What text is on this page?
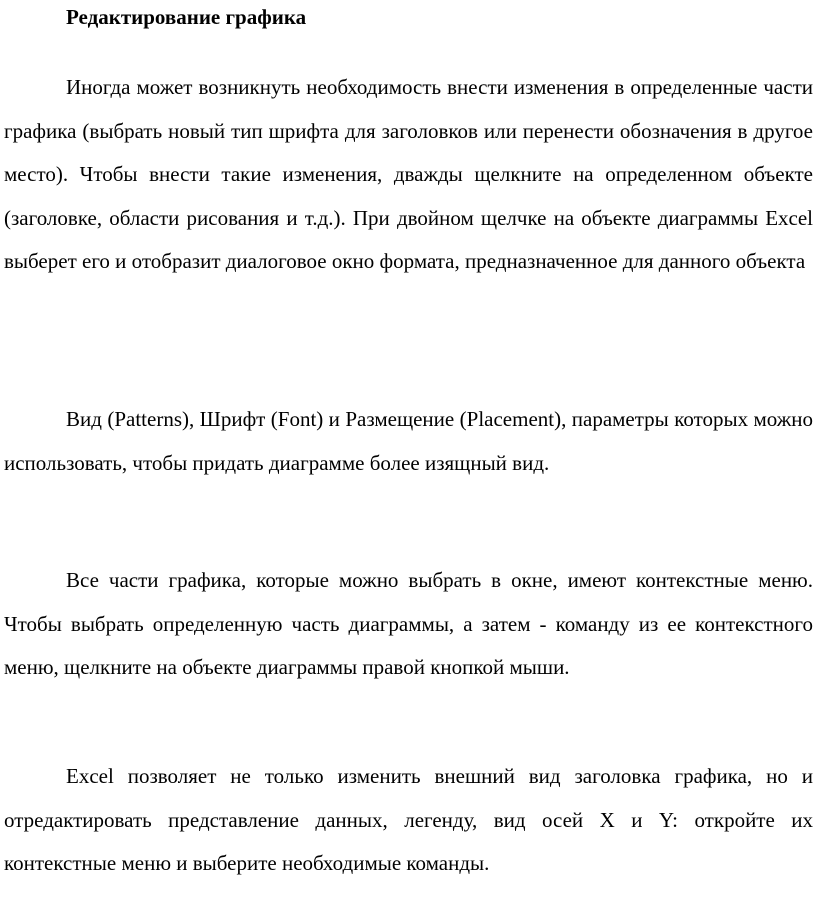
Редактирование графика

Иногда может возникнуть необходимость внести изменения в определенные части графика (выбрать новый тип шрифта для заголовков или перенести обозначения в другое место). Чтобы внести такие изменения, дважды щелкните на определенном объекте (заголовке, области рисования и т.д.). При двойном щелчке на объекте диаграммы Excel выберет его и отобразит диалоговое окно формата, предназначенное для данного объекта

Вид (Patterns), Шрифт (Font) и Размещение (Placement), параметры которых можно использовать, чтобы придать диаграмме более изящный вид.

Все части графика, которые можно выбрать в окне, имеют контекстные меню. Чтобы выбрать определенную часть диаграммы, а затем - команду из ее контекстного меню, щелкните на объекте диаграммы правой кнопкой мыши.

Excel позволяет не только изменить внешний вид заголовка графика, но и отредактировать представление данных, легенду, вид осей X и Y: откройте их контекстные меню и выберите необходимые команды.
